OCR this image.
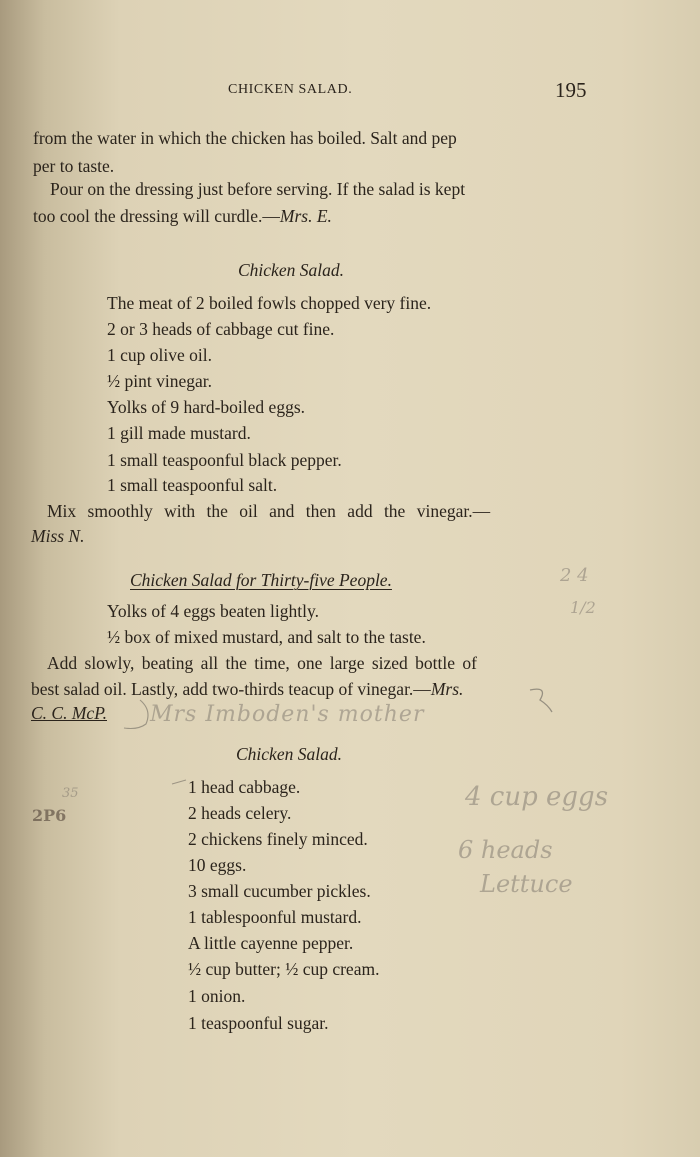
CHICKEN SALAD.	195
from the water in which the chicken has boiled. Salt and pep
per to taste.
Pour on the dressing just before serving. If the salad is kept
too cool the dressing will curdle.—Mrs. E.
Chicken Salad.
The meat of 2 boiled fowls chopped very fine.
2 or 3 heads of cabbage cut fine.
1 cup olive oil.
½ pint vinegar.
Yolks of 9 hard-boiled eggs.
1 gill made mustard.
1 small teaspoonful black pepper.
1 small teaspoonful salt.
Mix smoothly with the oil and then add the vinegar.—
Miss N.
Chicken Salad for Thirty-five People.
Yolks of 4 eggs beaten lightly.
½ box of mixed mustard, and salt to the taste.
Add slowly, beating all the time, one large sized bottle of
best salad oil. Lastly, add two-thirds teacup of vinegar.—Mrs.
C. C. McP.
Chicken Salad.
1 head cabbage.
2 heads celery.
2 chickens finely minced.
10 eggs.
3 small cucumber pickles.
1 tablespoonful mustard.
A little cayenne pepper.
½ cup butter; ½ cup cream.
1 onion.
1 teaspoonful sugar.
2 4
1/2
Mrs Imboden's mother
35
2P6
4 cup eggs
6 heads
Lettuce
